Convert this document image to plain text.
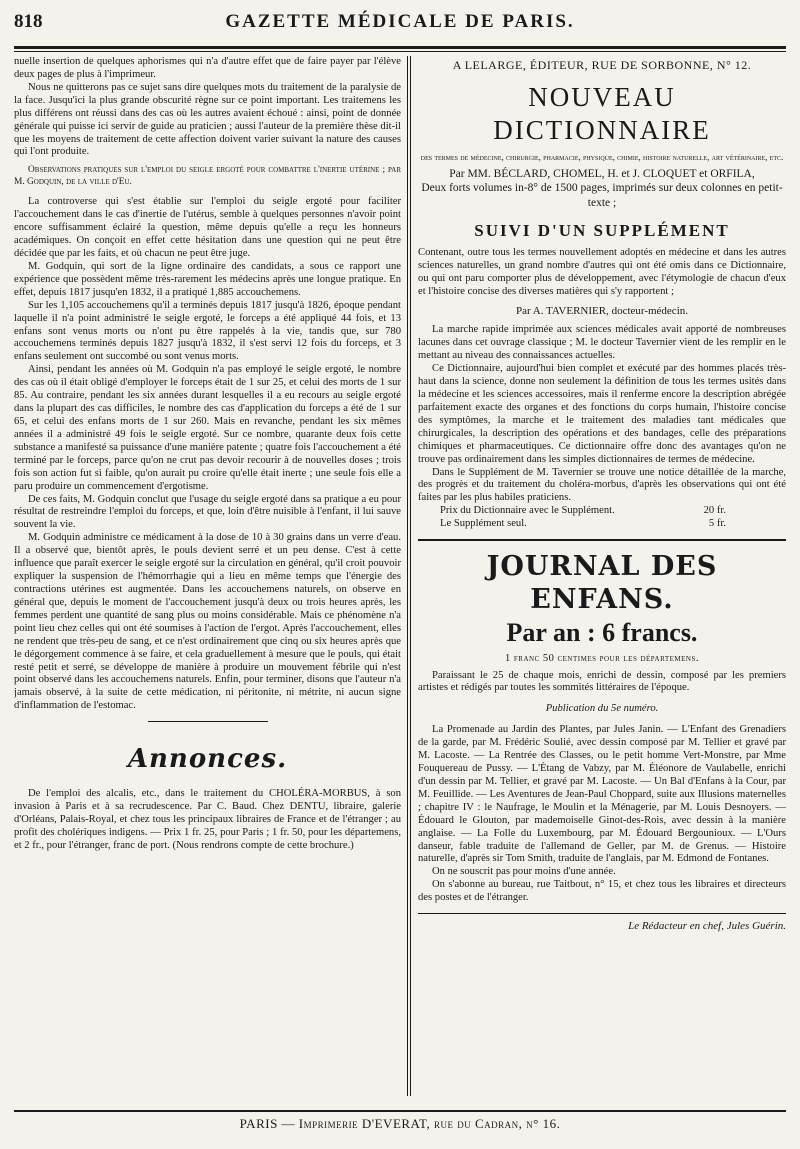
818	GAZETTE MÉDICALE DE PARIS.

nuelle insertion de quelques aphorismes qui n'a d'autre effet que de faire payer par l'élève deux pages de plus à l'imprimeur.

Nous ne quitterons pas ce sujet sans dire quelques mots du traitement de la paralysie de la face. Jusqu'ici la plus grande obscurité règne sur ce point important. Les traitemens les plus différens ont réussi dans des cas où les autres avaient échoué : ainsi, point de donnée générale qui puisse ici servir de guide au praticien ; aussi l'auteur de la première thèse dit-il que les moyens de traitement de cette affection doivent varier suivant la nature des causes qui l'ont produite.

Observations pratiques sur l'emploi du seigle ergoté pour combattre l'inertie utérine ; par M. Godquin, de la ville d'Eu.

La controverse qui s'est établie sur l'emploi du seigle ergoté pour faciliter l'accouchement dans le cas d'inertie de l'utérus, semble à quelques personnes n'avoir point encore suffisamment éclairé la question, même depuis qu'elle a reçu les honneurs académiques. On conçoit en effet cette hésitation dans une question qui ne peut être décidée que par les faits, et où chacun ne peut être juge.

M. Godquin, qui sort de la ligne ordinaire des candidats, a sous ce rapport une expérience que possèdent même très-rarement les médecins après une longue pratique. En effet, depuis 1817 jusqu'en 1832, il a pratiqué 1,885 accouchemens.

Sur les 1,105 accouchemens qu'il a terminés depuis 1817 jusqu'à 1826, époque pendant laquelle il n'a point administré le seigle ergoté, le forceps a été appliqué 44 fois, et 13 enfans sont venus morts ou n'ont pu être rappelés à la vie, tandis que, sur 780 accouchemens terminés depuis 1827 jusqu'à 1832, il s'est servi 12 fois du forceps, et 3 enfans seulement ont succombé ou sont venus morts.

Ainsi, pendant les années où M. Godquin n'a pas employé le seigle ergoté, le nombre des cas où il était obligé d'employer le forceps était de 1 sur 25, et celui des morts de 1 sur 85. Au contraire, pendant les six années durant lesquelles il a eu recours au seigle ergoté dans la plupart des cas difficiles, le nombre des cas d'application du forceps a été de 1 sur 65, et celui des enfans morts de 1 sur 260. Mais en revanche, pendant les six mêmes années il a administré 49 fois le seigle ergoté. Sur ce nombre, quarante deux fois cette substance a manifesté sa puissance d'une manière patente ; quatre fois l'accouchement a été terminé par le forceps, parce qu'on ne crut pas devoir recourir à de nouvelles doses ; trois fois son action fut si faible, qu'on aurait pu croire qu'elle était inerte ; une seule fois elle a paru produire un commencement d'ergotisme.

De ces faits, M. Godquin conclut que l'usage du seigle ergoté dans sa pratique a eu pour résultat de restreindre l'emploi du forceps, et que, loin d'être nuisible à l'enfant, il lui sauve souvent la vie.

M. Godquin administre ce médicament à la dose de 10 à 30 grains dans un verre d'eau. Il a observé que, bientôt après, le pouls devient serré et un peu dense. C'est à cette influence que paraît exercer le seigle ergoté sur la circulation en général, qu'il croit pouvoir expliquer la suspension de l'hémorrhagie qui a lieu en même temps que l'énergie des contractions utérines est augmentée. Dans les accouchemens naturels, on observe en général que, depuis le moment de l'accouchement jusqu'à deux ou trois heures après, les femmes perdent une quantité de sang plus ou moins considérable. Mais ce phénomène n'a point lieu chez celles qui ont été soumises à l'action de l'ergot. Après l'accouchement, elles ne rendent que très-peu de sang, et ce n'est ordinairement que cinq ou six heures après que le dégorgement commence à se faire, et cela graduellement à mesure que le pouls, qui était resté petit et serré, se développe de manière à produire un mouvement fébrile qui n'est point observé dans les accouchemens naturels. Enfin, pour terminer, disons que l'auteur n'a jamais observé, à la suite de cette médication, ni péritonite, ni métrite, ni aucun signe d'inflammation de l'estomac.

Annonces.

De l'emploi des alcalis, etc., dans le traitement du CHOLÉRA-MORBUS, à son invasion à Paris et à sa recrudescence. Par C. Baud. Chez DENTU, libraire, galerie d'Orléans, Palais-Royal, et chez tous les principaux libraires de France et de l'étranger ; au profit des cholériques indigens. — Prix 1 fr. 25, pour Paris ; 1 fr. 50, pour les départemens, et 2 fr., pour l'étranger, franc de port. (Nous rendrons compte de cette brochure.)

A LELARGE, ÉDITEUR, RUE DE SORBONNE, N° 12.
NOUVEAU DICTIONNAIRE
des termes de médecine, chirurgie, pharmacie, physique, chimie, histoire naturelle, art vétérinaire, etc.
Par MM. BÉCLARD, CHOMEL, H. et J. CLOQUET et ORFILA,
Deux forts volumes in-8° de 1500 pages, imprimés sur deux colonnes en petit-texte ;
SUIVI D'UN SUPPLÉMENT

Contenant, outre tous les termes nouvellement adoptés en médecine et dans les autres sciences naturelles, un grand nombre d'autres qui ont été omis dans ce Dictionnaire, ou qui ont paru comporter plus de développement, avec l'étymologie de chacun d'eux et l'histoire concise des diverses matières qui s'y rapportent ;

Par A. TAVERNIER, docteur-médecin.

La marche rapide imprimée aux sciences médicales avait apporté de nombreuses lacunes dans cet ouvrage classique ; M. le docteur Tavernier vient de les remplir en le mettant au niveau des connaissances actuelles.

Ce Dictionnaire, aujourd'hui bien complet et exécuté par des hommes placés très-haut dans la science, donne non seulement la définition de tous les termes usités dans la médecine et les sciences accessoires, mais il renferme encore la description abrégée parfaitement exacte des organes et des fonctions du corps humain, l'histoire concise des symptômes, la marche et le traitement des maladies tant médicales que chirurgicales, la description des opérations et des bandages, celle des préparations chimiques et pharmaceutiques. Ce dictionnaire offre donc des avantages qu'on ne trouve pas ordinairement dans les simples dictionnaires de termes de médecine.

Dans le Supplément de M. Tavernier se trouve une notice détaillée de la marche, des progrès et du traitement du choléra-morbus, d'après les observations qui ont été faites par les plus habiles praticiens.

Prix du Dictionnaire avec le Supplément.	20 fr.
Le Supplément seul.	5 fr.
JOURNAL DES ENFANS.
Par an : 6 francs.
1 franc 50 centimes pour les départemens.

Paraissant le 25 de chaque mois, enrichi de dessin, composé par les premiers artistes et rédigés par toutes les sommités littéraires de l'époque.

Publication du 5e numéro.

La Promenade au Jardin des Plantes, par Jules Janin. — L'Enfant des Grenadiers de la garde, par M. Frédéric Soulié, avec dessin composé par M. Tellier et gravé par M. Lacoste. — La Rentrée des Classes, ou le petit homme Vert-Monstre, par Mme Fouquereau de Pussy. — L'Étang de Vabzy, par M. Éléonore de Vaulabelle, enrichi d'un dessin par M. Tellier, et gravé par M. Lacoste. — Un Bal d'Enfans à la Cour, par M. Feuillide. — Les Aventures de Jean-Paul Choppard, suite aux Illusions maternelles ; chapitre IV : le Naufrage, le Moulin et la Ménagerie, par M. Louis Desnoyers. — Édouard le Glouton, par mademoiselle Ginot-des-Rois, avec dessin à la manière anglaise. — La Folle du Luxembourg, par M. Édouard Bergounioux. — L'Ours danseur, fable traduite de l'allemand de Geller, par M. de Grenus. — Histoire naturelle, d'après sir Tom Smith, traduite de l'anglais, par M. Edmond de Fontanes.

On ne souscrit pas pour moins d'une année.

On s'abonne au bureau, rue Taitbout, n° 15, et chez tous les libraires et directeurs des postes et de l'étranger.

Le Rédacteur en chef, Jules Guérin.
PARIS — Imprimerie D'EVERAT, rue du Cadran, n° 16.
